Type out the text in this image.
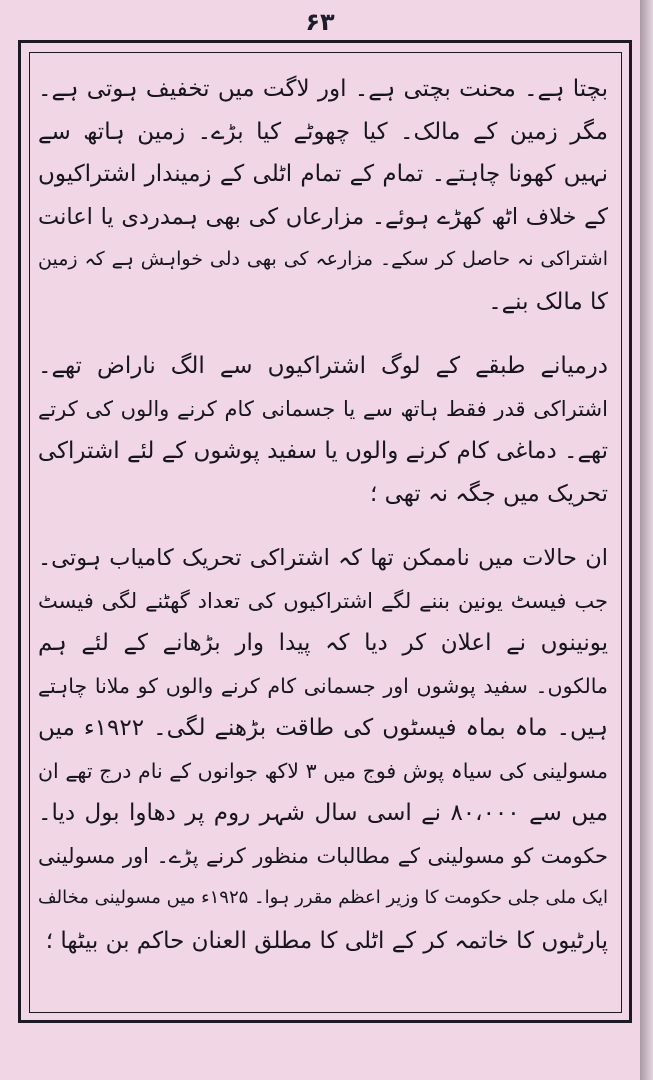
۶۳

بچتا ہے۔ محنت بچتی ہے۔ اور لاگت میں تخفیف ہوتی ہے۔
مگر زمین کے مالک۔ کیا چھوٹے کیا بڑے۔ زمین ہاتھ سے
نہیں کھونا چاہتے۔ تمام کے تمام اٹلی کے زمیندار اشتراکیوں
کے خلاف اٹھ کھڑے ہوئے۔ مزارعاں کی بھی ہمدردی یا اعانت
اشتراکی نہ حاصل کر سکے۔ مزارعہ کی بھی دلی خواہش ہے کہ زمین
کا مالک بنے۔

درمیانے طبقے کے لوگ اشتراکیوں سے الگ ناراض تھے۔
اشتراکی قدر فقط ہاتھ سے یا جسمانی کام کرنے والوں کی کرتے
تھے۔ دماغی کام کرنے والوں یا سفید پوشوں کے لئے اشتراکی
تحریک میں جگہ نہ تھی ؛

ان حالات میں ناممکن تھا کہ اشتراکی تحریک کامیاب ہوتی۔
جب فیسٹ یونین بننے لگے اشتراکیوں کی تعداد گھٹنے لگی فیسٹ
یونینوں نے اعلان کر دیا کہ پیدا وار بڑھانے کے لئے ہم
مالکوں۔ سفید پوشوں اور جسمانی کام کرنے والوں کو ملانا چاہتے
ہیں۔ ماہ بماہ فیسٹوں کی طاقت بڑھنے لگی۔ ۱۹۲۲ء میں
مسولینی کی سیاہ پوش فوج میں ۳ لاکھ جوانوں کے نام درج تھے ان
میں سے ۸۰،۰۰۰ نے اسی سال شہر روم پر دھاوا بول دیا۔
حکومت کو مسولینی کے مطالبات منظور کرنے پڑے۔ اور مسولینی
ایک ملی جلی حکومت کا وزیر اعظم مقرر ہوا۔ ۱۹۲۵ء میں مسولینی مخالف
پارٹیوں کا خاتمہ کر کے اٹلی کا مطلق العنان حاکم بن بیٹھا ؛
